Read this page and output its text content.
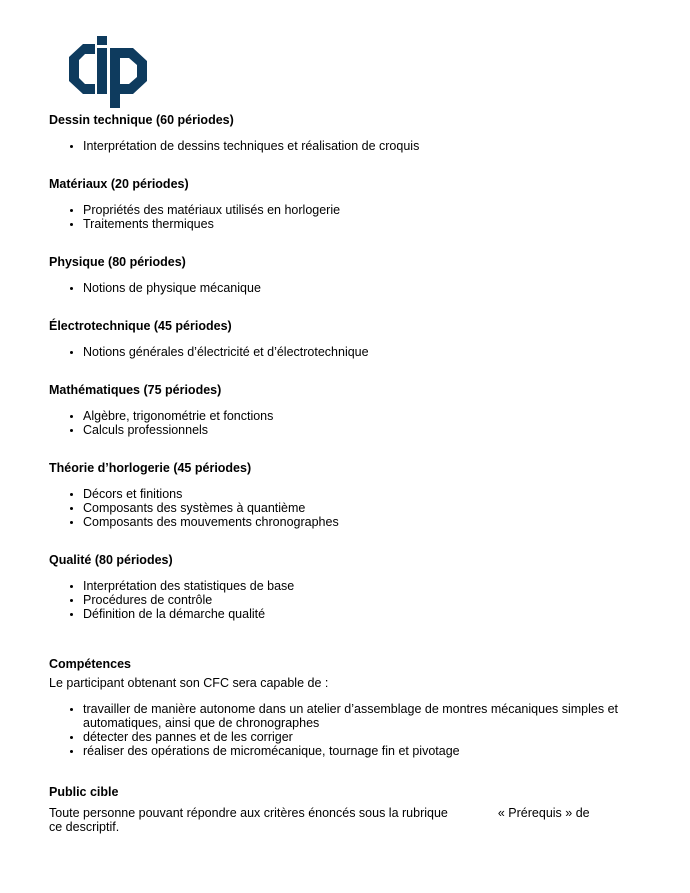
Dessin technique (60 périodes)
• Interprétation de dessins techniques et réalisation de croquis
Matériaux (20 périodes)
• Propriétés des matériaux utilisés en horlogerie
• Traitements thermiques
Physique (80 périodes)
• Notions de physique mécanique
Électrotechnique (45 périodes)
• Notions générales d’électricité et d’électrotechnique
Mathématiques (75 périodes)
• Algèbre, trigonométrie et fonctions
• Calculs professionnels
Théorie d’horlogerie (45 périodes)
• Décors et finitions
• Composants des systèmes à quantième
• Composants des mouvements chronographes
Qualité (80 périodes)
• Interprétation des statistiques de base
• Procédures de contrôle
• Définition de la démarche qualité
Compétences

Le participant obtenant son CFC sera capable de :

• travailler de manière autonome dans un atelier d’assemblage de montres mécaniques simples et automatiques, ainsi que de chronographes
• détecter des pannes et de les corriger
• réaliser des opérations de micromécanique, tournage fin et pivotage
Public cible

Toute personne pouvant répondre aux critères énoncés sous la rubrique	« Prérequis » de ce descriptif.
